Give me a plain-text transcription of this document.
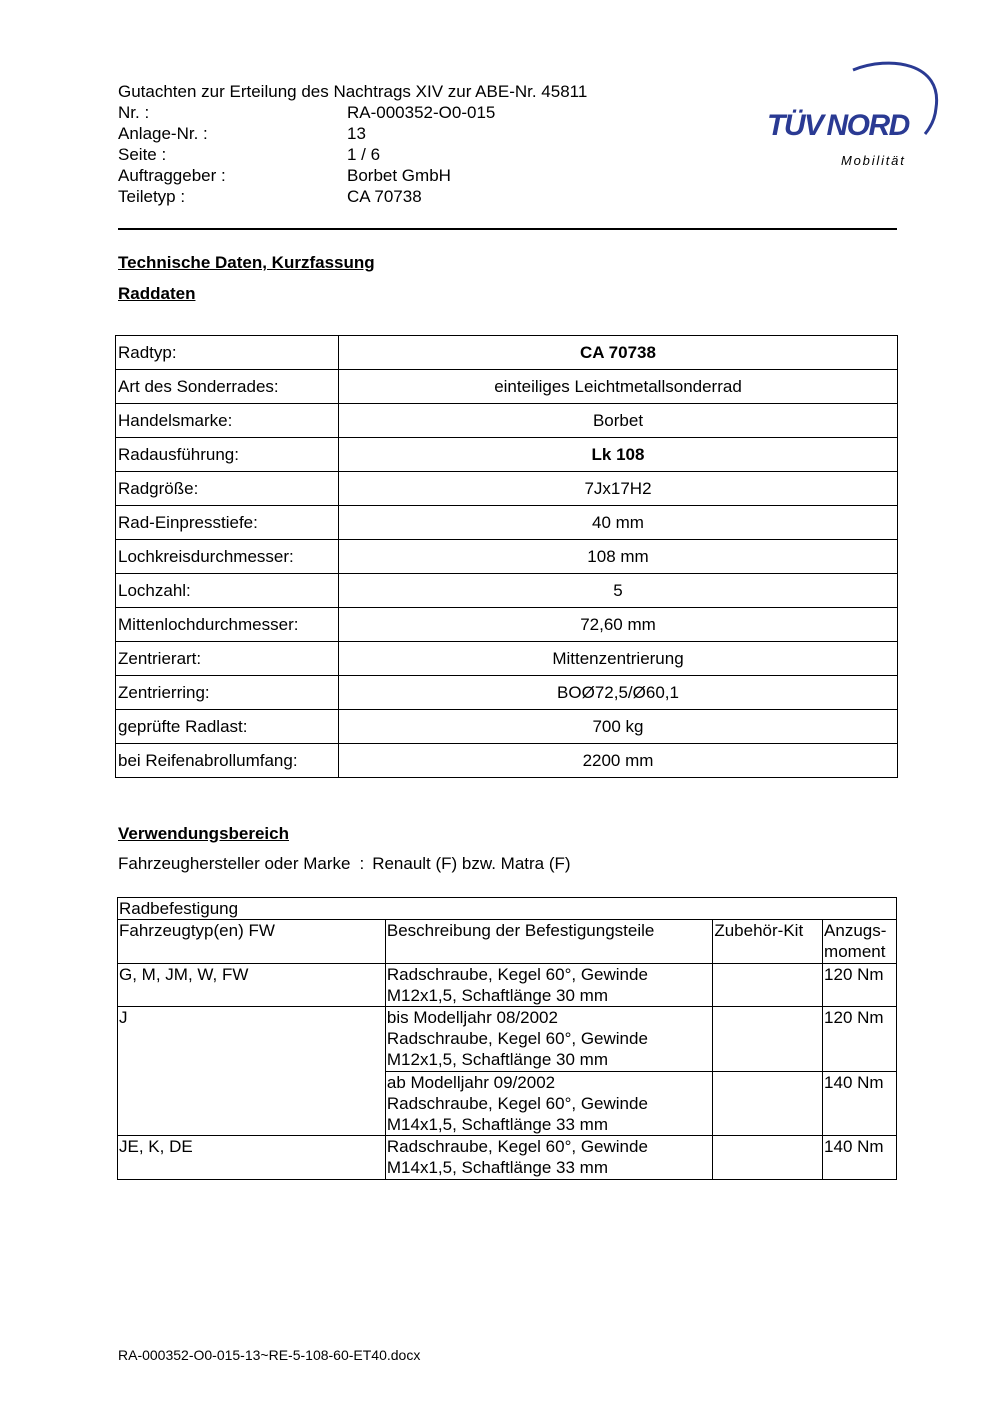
Gutachten zur Erteilung des Nachtrags XIV zur ABE-Nr. 45811
Nr. :	RA-000352-O0-015
Anlage-Nr. :	13
Seite :	1 / 6
Auftraggeber :	Borbet GmbH
Teiletyp :	CA 70738
TÜV NORD
Mobilität
Technische Daten, Kurzfassung
Raddaten
Radtyp:	CA 70738
Art des Sonderrades:	einteiliges Leichtmetallsonderrad
Handelsmarke:	Borbet
Radausführung:	Lk 108
Radgröße:	7Jx17H2
Rad-Einpresstiefe:	40 mm
Lochkreisdurchmesser:	108 mm
Lochzahl:	5
Mittenlochdurchmesser:	72,60 mm
Zentrierart:	Mittenzentrierung
Zentrierring:	BOØ72,5/Ø60,1
geprüfte Radlast:	700 kg
bei Reifenabrollumfang:	2200 mm
Verwendungsbereich
Fahrzeughersteller oder Marke : Renault (F) bzw. Matra (F)
Radbefestigung			
Fahrzeugtyp(en) FW	Beschreibung der Befestigungsteile	Zubehör-Kit	Anzugs-
moment
G, M, JM, W, FW	Radschraube, Kegel 60°, Gewinde
M12x1,5, Schaftlänge 30 mm		120 Nm
J	bis Modelljahr 08/2002
Radschraube, Kegel 60°, Gewinde
M12x1,5, Schaftlänge 30 mm		120 Nm
	ab Modelljahr 09/2002
Radschraube, Kegel 60°, Gewinde
M14x1,5, Schaftlänge 33 mm		140 Nm
JE, K, DE	Radschraube, Kegel 60°, Gewinde
M14x1,5, Schaftlänge 33 mm		140 Nm
RA-000352-O0-015-13~RE-5-108-60-ET40.docx
